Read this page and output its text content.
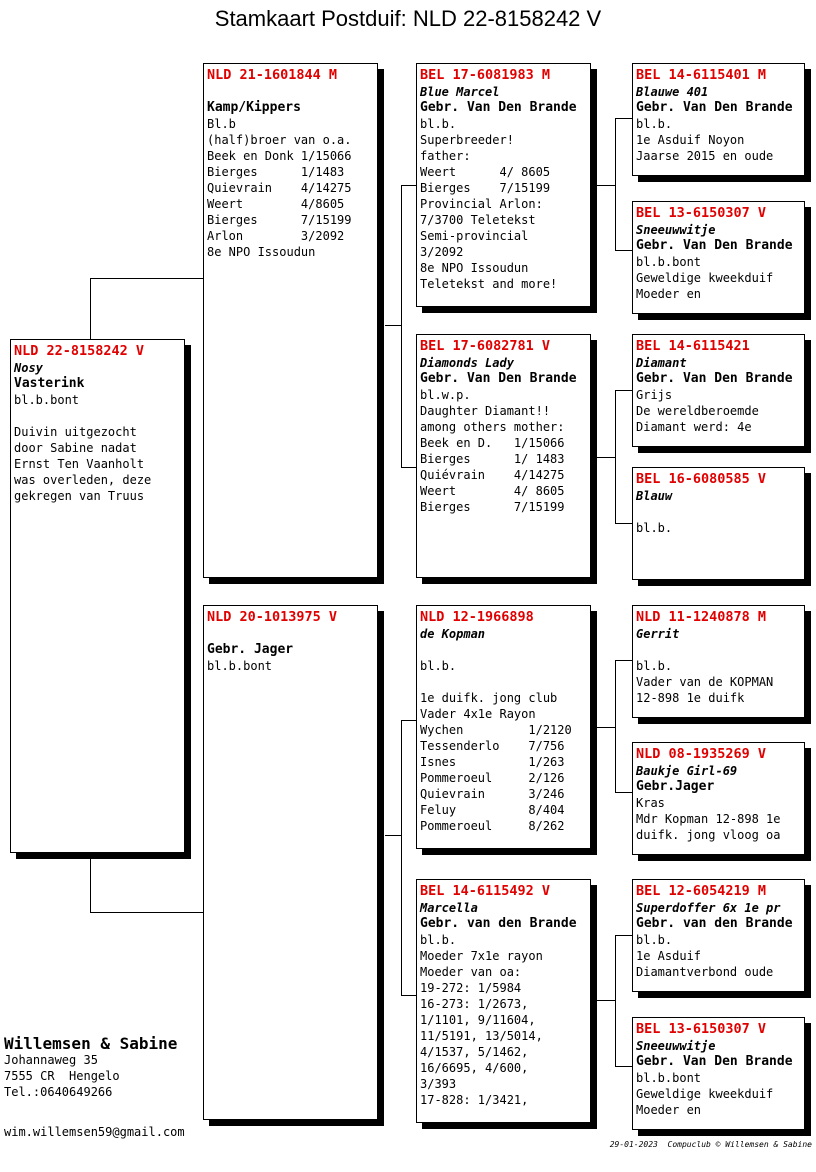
Stamkaart Postduif: NLD 22-8158242 V
NLD 22-8158242 V
Nosy
Vasterink
bl.b.bont
Duivin uitgezocht
door Sabine nadat
Ernst Ten Vaanholt
was overleden, deze
gekregen van Truus
NLD 21-1601844 M
Kamp/Kippers
Bl.b
(half)broer van o.a.
Beek en Donk 1/15066
Bierges      1/1483
Quievrain    4/14275
Weert        4/8605
Bierges      7/15199
Arlon        3/2092
8e NPO Issoudun
NLD 20-1013975 V
Gebr. Jager
bl.b.bont
BEL 17-6081983 M
Blue Marcel
Gebr. Van Den Brande
bl.b.
Superbreeder!
father:
Weert      4/ 8605
Bierges    7/15199
Provincial Arlon:
7/3700 Teletekst
Semi-provincial
3/2092
8e NPO Issoudun
Teletekst and more!
BEL 17-6082781 V
Diamonds Lady
Gebr. Van Den Brande
bl.w.p.
Daughter Diamant!!
among others mother:
Beek en D.   1/15066
Bierges      1/ 1483
Quiévrain    4/14275
Weert        4/ 8605
Bierges      7/15199
NLD 12-1966898
de Kopman
bl.b.
1e duifk. jong club
Vader 4x1e Rayon
Wychen         1/2120
Tessenderlo    7/756
Isnes          1/263
Pommeroeul     2/126
Quievrain      3/246
Feluy          8/404
Pommeroeul     8/262
BEL 14-6115492 V
Marcella
Gebr. van den Brande
bl.b.
Moeder 7x1e rayon
Moeder van oa:
19-272: 1/5984
16-273: 1/2673,
1/1101, 9/11604,
11/5191, 13/5014,
4/1537, 5/1462,
16/6695, 4/600,
3/393
17-828: 1/3421,
BEL 14-6115401 M
Blauwe 401
Gebr. Van Den Brande
bl.b.
1e Asduif Noyon
Jaarse 2015 en oude
BEL 13-6150307 V
Sneeuwwitje
Gebr. Van Den Brande
bl.b.bont
Geweldige kweekduif
Moeder en
BEL 14-6115421
Diamant
Gebr. Van Den Brande
Grijs
De wereldberoemde
Diamant werd: 4e
BEL 16-6080585 V
Blauw
bl.b.
NLD 11-1240878 M
Gerrit
bl.b.
Vader van de KOPMAN
12-898 1e duifk
NLD 08-1935269 V
Baukje Girl-69
Gebr.Jager
Kras
Mdr Kopman 12-898 1e
duifk. jong vloog oa
BEL 12-6054219 M
Superdoffer 6x 1e pr
Gebr. van den Brande
bl.b.
1e Asduif
Diamantverbond oude
BEL 13-6150307 V
Sneeuwwitje
Gebr. Van Den Brande
bl.b.bont
Geweldige kweekduif
Moeder en
Willemsen & Sabine
Johannaweg 35
7555 CR  Hengelo
Tel.:0640649266
wim.willemsen59@gmail.com
29-01-2023  Compuclub © Willemsen & Sabine
